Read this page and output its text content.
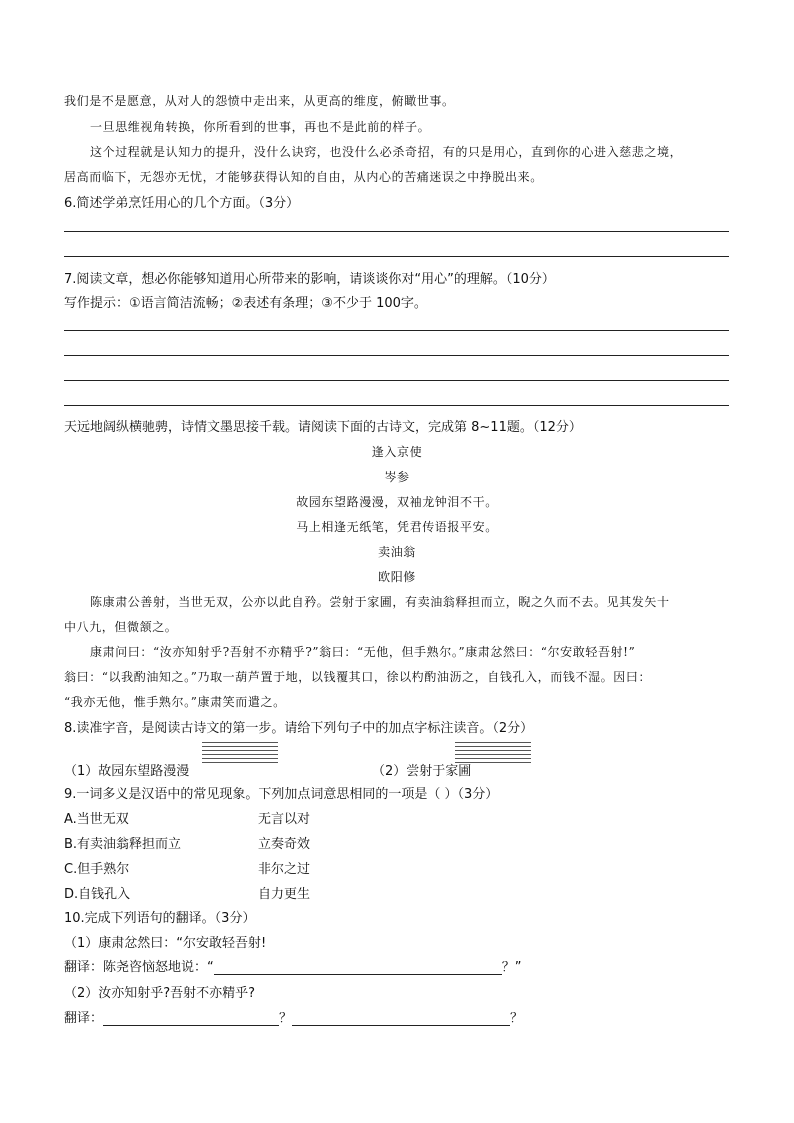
我们是不是愿意，从对人的怨愤中走出来，从更高的维度，俯瞰世事。
一旦思维视角转换，你所看到的世事，再也不是此前的样子。
这个过程就是认知力的提升，没什么诀窍，也没什么必杀奇招，有的只是用心，直到你的心进入慈悲之境，
居高而临下，无怨亦无忧，才能够获得认知的自由，从内心的苦痛迷误之中挣脱出来。
6.简述学弟烹饪用心的几个方面。（3分）
7.阅读文章，想必你能够知道用心所带来的影响，请谈谈你对“用心”的理解。（10分）
写作提示：①语言简洁流畅；②表述有条理；③不少于 100字。
天远地阔纵横驰骋，诗情文墨思接千载。请阅读下面的古诗文，完成第 8~11题。（12分）
逢入京使
岑参
故园东望路漫漫，双袖龙钟泪不干。
马上相逢无纸笔，凭君传语报平安。
卖油翁
欧阳修
陈康肃公善射，当世无双，公亦以此自矜。尝射于家圃，有卖油翁释担而立，睨之久而不去。见其发矢十
中八九，但微颔之。
康肃问曰：“汝亦知射乎?吾射不亦精乎?”翁曰：“无他，但手熟尔。”康肃忿然曰：“尔安敢轻吾射!”
翁曰：“以我酌油知之。”乃取一葫芦置于地，以钱覆其口，徐以杓酌油沥之，自钱孔入，而钱不湿。因曰：
“我亦无他，惟手熟尔。”康肃笑而遣之。
8.读准字音，是阅读古诗文的第一步。请给下列句子中的加点字标注读音。（2分）
（1）故园东望路漫漫	（2）尝射于家圃
9.一词多义是汉语中的常见现象。下列加点词意思相同的一项是（ ）（3分）
A.当世无双	无言以对
B.有卖油翁释担而立	立奏奇效
C.但手熟尔	非尔之过
D.自钱孔入	自力更生
10.完成下列语句的翻译。（3分）
（1）康肃忿然曰：“尔安敢轻吾射!
翻译：陈尧咨恼怒地说：“	？”
（2）汝亦知射乎?吾射不亦精乎?
翻译：	？	？
